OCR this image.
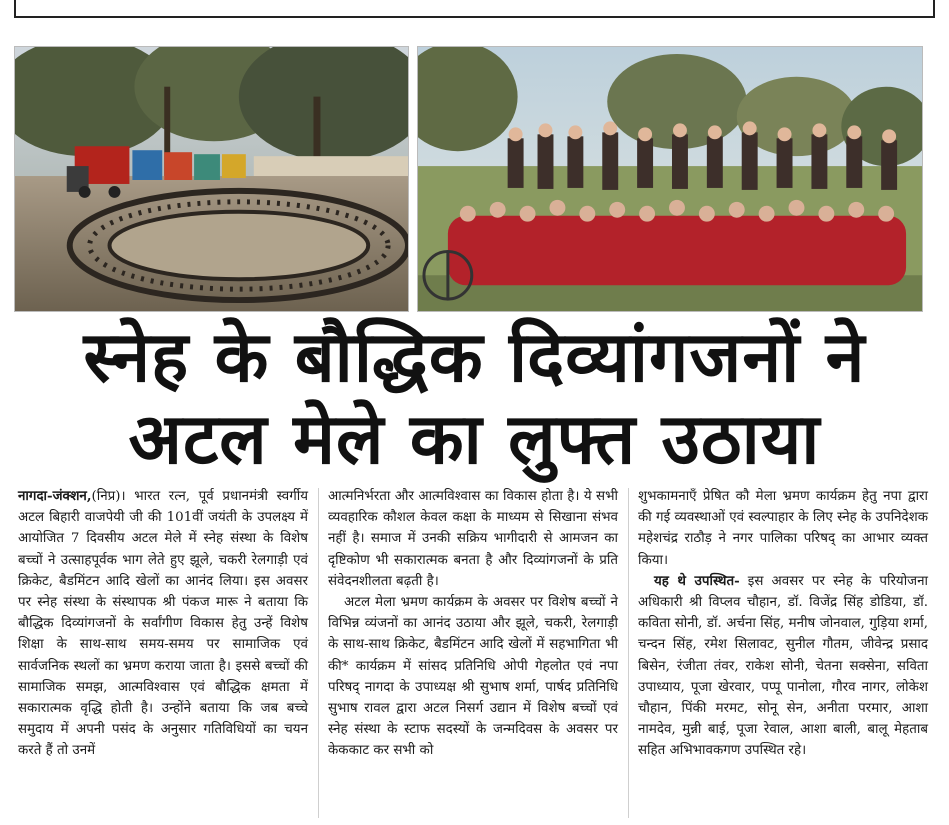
स्नेह के बौद्धिक दिव्यांगजनों ने
अटल मेले का लुफ्त उठाया

नागदा-जंक्शन,(निप्र)। भारत रत्न, पूर्व प्रधानमंत्री स्वर्गीय अटल बिहारी वाजपेयी जी की 101वीं जयंती के उपलक्ष्य में आयोजित 7 दिवसीय अटल मेले में स्नेह संस्था के विशेष बच्चों ने उत्साहपूर्वक भाग लेते हुए झूले, चकरी रेलगाड़ी एवं क्रिकेट, बैडमिंटन आदि खेलों का आनंद लिया। इस अवसर पर स्नेह संस्था के संस्थापक श्री पंकज मारू ने बताया कि बौद्धिक दिव्यांगजनों के सर्वांगीण विकास हेतु उन्हें विशेष शिक्षा के साथ-साथ समय-समय पर सामाजिक एवं सार्वजनिक स्थलों का भ्रमण कराया जाता है। इससे बच्चों की सामाजिक समझ, आत्मविश्वास एवं बौद्धिक क्षमता में सकारात्मक वृद्धि होती है। उन्होंने बताया कि जब बच्चे समुदाय में अपनी पसंद के अनुसार गतिविधियों का चयन करते हैं तो उनमें

आत्मनिर्भरता और आत्मविश्वास का विकास होता है। ये सभी व्यवहारिक कौशल केवल कक्षा के माध्यम से सिखाना संभव नहीं है। समाज में उनकी सक्रिय भागीदारी से आमजन का दृष्टिकोण भी सकारात्मक बनता है और दिव्यांगजनों के प्रति संवेदनशीलता बढ़ती है।

अटल मेला भ्रमण कार्यक्रम के अवसर पर विशेष बच्चों ने विभिन्न व्यंजनों का आनंद उठाया और झूले, चकरी, रेलगाड़ी के साथ-साथ क्रिकेट, बैडमिंटन आदि खेलों में सहभागिता भी की* कार्यक्रम में सांसद प्रतिनिधि ओपी गेहलोत एवं नपा परिषद् नागदा के उपाध्यक्ष श्री सुभाष शर्मा, पार्षद प्रतिनिधि सुभाष रावल द्वारा अटल निसर्ग उद्यान में विशेष बच्चों एवं स्नेह संस्था के स्टाफ सदस्यों के जन्मदिवस के अवसर पर केककाट कर सभी को

शुभकामनाएँ प्रेषित कौ मेला भ्रमण कार्यक्रम हेतु नपा द्वारा की गई व्यवस्थाओं एवं स्वल्पाहार के लिए स्नेह के उपनिदेशक महेशचंद्र राठौड़ ने नगर पालिका परिषद् का आभार व्यक्त किया।

यह थे उपस्थित- इस अवसर पर स्नेह के परियोजना अधिकारी श्री विप्लव चौहान, डॉ. विजेंद्र सिंह डोडिया, डॉ. कविता सोनी, डॉ. अर्चना सिंह, मनीष जोनवाल, गुड़िया शर्मा, चन्दन सिंह, रमेश सिलावट, सुनील गौतम, जीवेन्द्र प्रसाद बिसेन, रंजीता तंवर, राकेश सोनी, चेतना सक्सेना, सविता उपाध्याय, पूजा खेरवार, पप्पू पानोला, गौरव नागर, लोकेश चौहान, पिंकी मरमट, सोनू सेन, अनीता परमार, आशा नामदेव, मुन्नी बाई, पूजा रेवाल, आशा बाली, बालू मेहताब सहित अभिभावकगण उपस्थित रहे।
